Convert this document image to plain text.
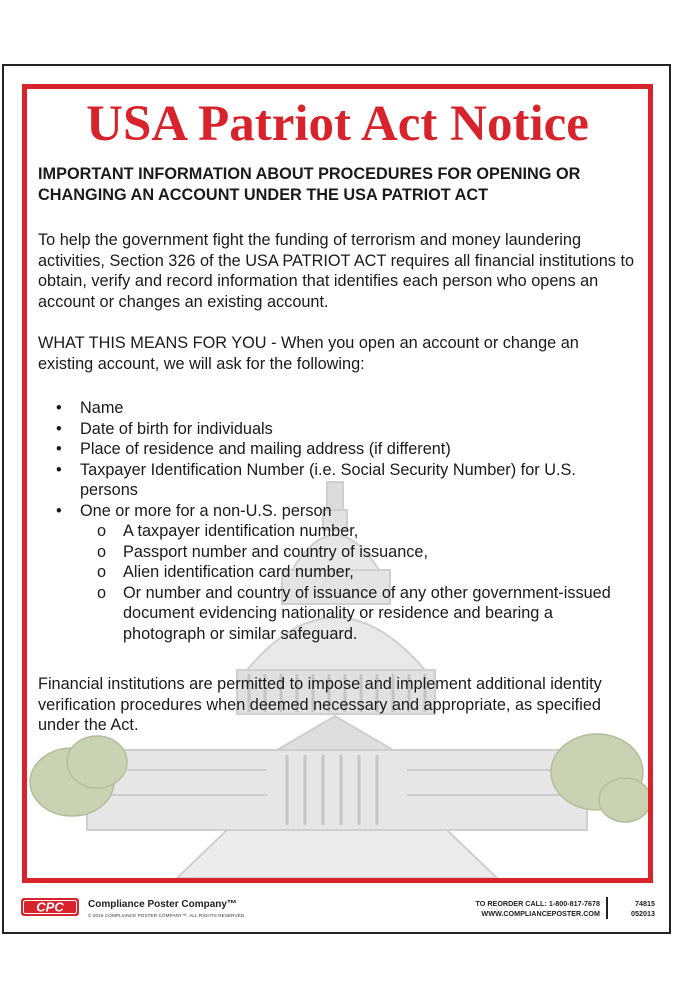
USA Patriot Act Notice
IMPORTANT INFORMATION ABOUT PROCEDURES FOR OPENING OR CHANGING AN ACCOUNT UNDER THE USA PATRIOT ACT
To help the government fight the funding of terrorism and money laundering activities, Section 326 of the USA PATRIOT ACT requires all financial institutions to obtain, verify and record information that identifies each person who opens an account or changes an existing account.
WHAT THIS MEANS FOR YOU - When you open an account or change an existing account, we will ask for the following:
• Name
• Date of birth for individuals
• Place of residence and mailing address (if different)
• Taxpayer Identification Number (i.e. Social Security Number) for U.S. persons
• One or more for a non-U.S. person
o A taxpayer identification number,
o Passport number and country of issuance,
o Alien identification card number,
o Or number and country of issuance of any other government-issued document evidencing nationality or residence and bearing a photograph or similar safeguard.
Financial institutions are permitted to impose and implement additional identity verification procedures when deemed necessary and appropriate, as specified under the Act.
CPC Compliance Poster Company™
© 2019 COMPLIANCE POSTER COMPANY™. ALL RIGHTS RESERVED.
TO REORDER CALL: 1-800-817-7678
WWW.COMPLIANCEPOSTER.COM
74815
052013
